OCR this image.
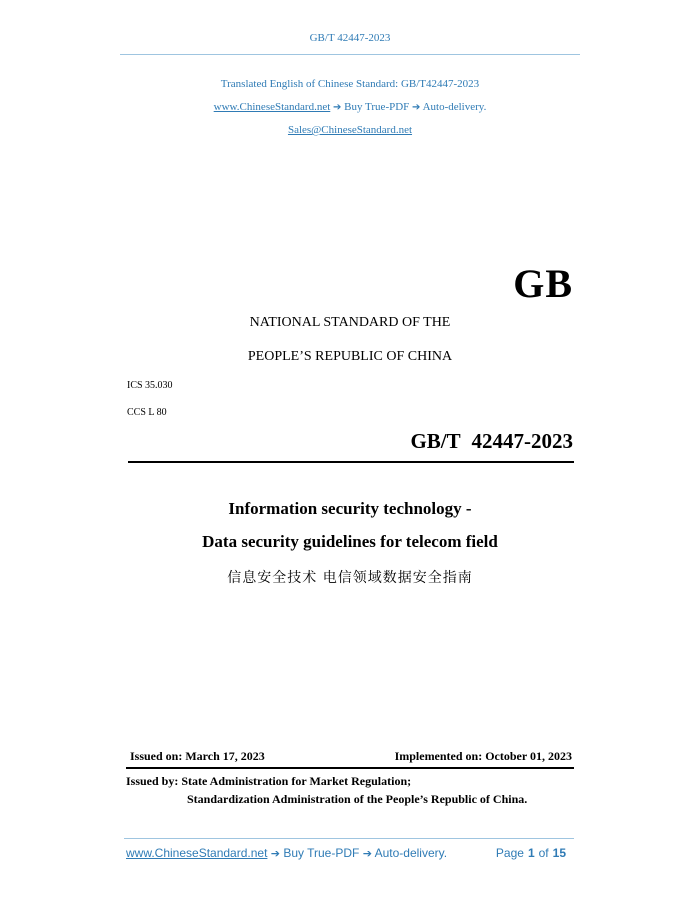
GB/T 42447-2023
Translated English of Chinese Standard: GB/T42447-2023
www.ChineseStandard.net ➔ Buy True-PDF ➔ Auto-delivery.
Sales@ChineseStandard.net
GB
NATIONAL STANDARD OF THE
PEOPLE’S REPUBLIC OF CHINA
ICS 35.030
CCS L 80
GB/T 42447-2023
Information security technology -
Data security guidelines for telecom field
信息安全技术 电信领域数据安全指南
Issued on: March 17, 2023	Implemented on: October 01, 2023
Issued by: State Administration for Market Regulation;
Standardization Administration of the People’s Republic of China.
www.ChineseStandard.net ➔ Buy True-PDF ➔ Auto-delivery.	Page 1 of 15
